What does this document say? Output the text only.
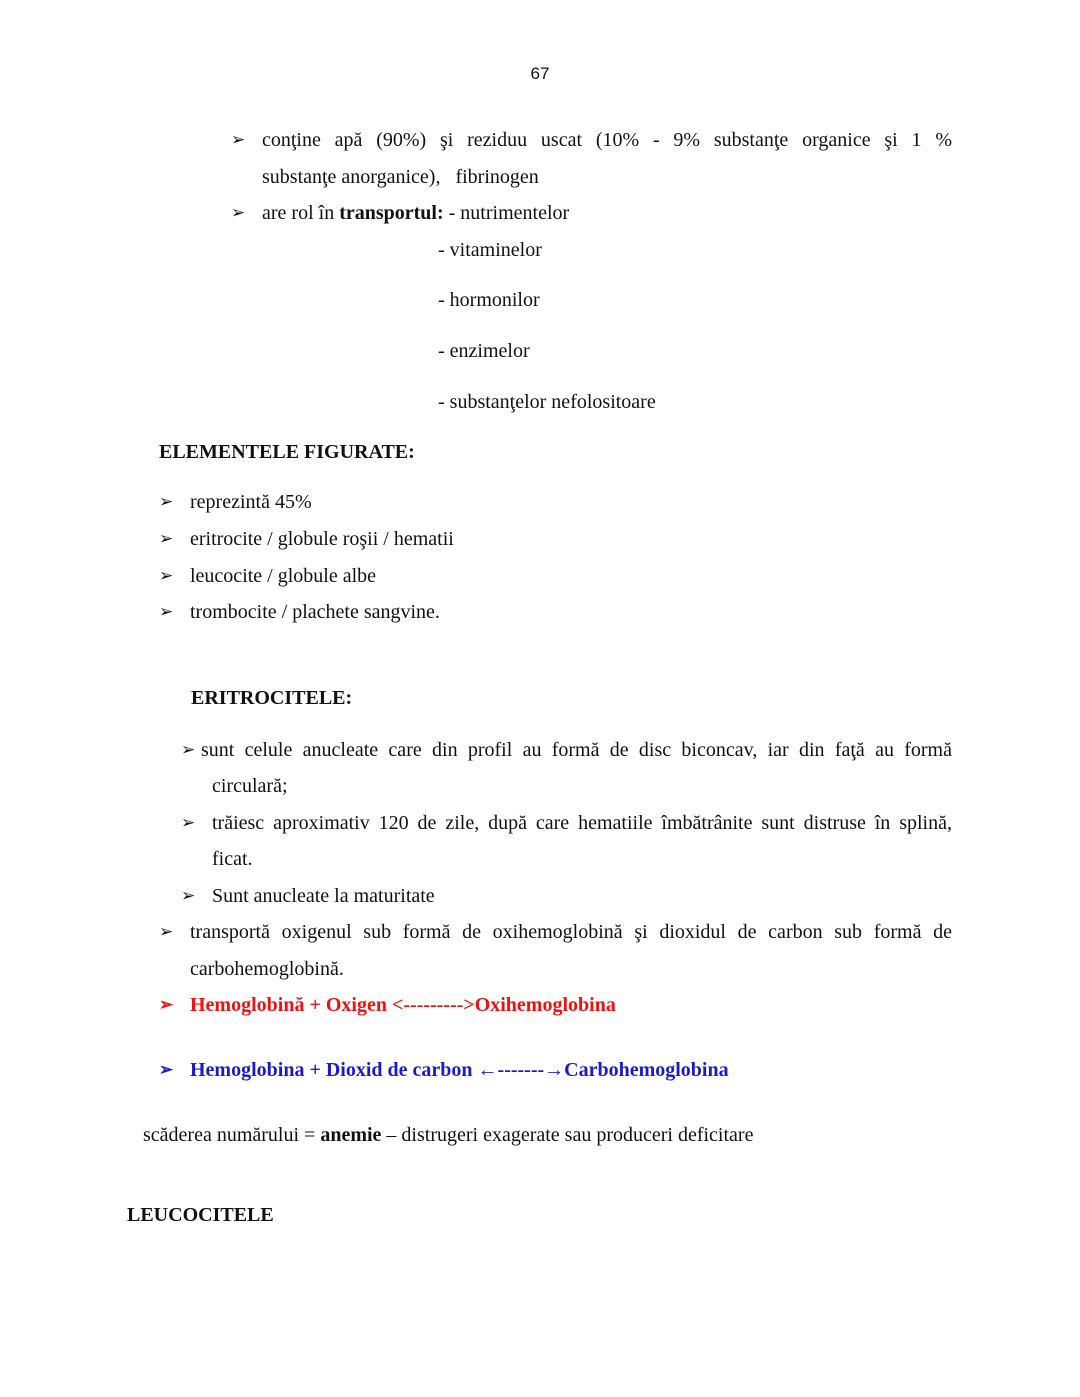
67
➢ conţine apă (90%) şi reziduu uscat (10% - 9% substanţe organice şi 1 %
substanţe anorganice),   fibrinogen
➢ are rol în transportul: - nutrimentelor
- vitaminelor
- hormonilor
- enzimelor
- substanţelor nefolositoare
ELEMENTELE FIGURATE:
➢ reprezintă 45%
➢ eritrocite / globule roşii / hematii
➢ leucocite / globule albe
➢ trombocite / plachete sangvine.
ERITROCITELE:
➢ sunt celule anucleate care din profil au formă de disc biconcav, iar din faţă au formă
circulară;
➢ trăiesc aproximativ 120 de zile, după care hematiile îmbătrânite sunt distruse în splină,
ficat.
➢ Sunt anucleate la maturitate
➢ transportă oxigenul sub formă de oxihemoglobină şi dioxidul de carbon sub formă de
carbohemoglobină.
➢ Hemoglobină + Oxigen <--------->Oxihemoglobina
➢ Hemoglobina + Dioxid de carbon ←-------→Carbohemoglobina
scăderea numărului = anemie – distrugeri exagerate sau produceri deficitare
LEUCOCITELE
